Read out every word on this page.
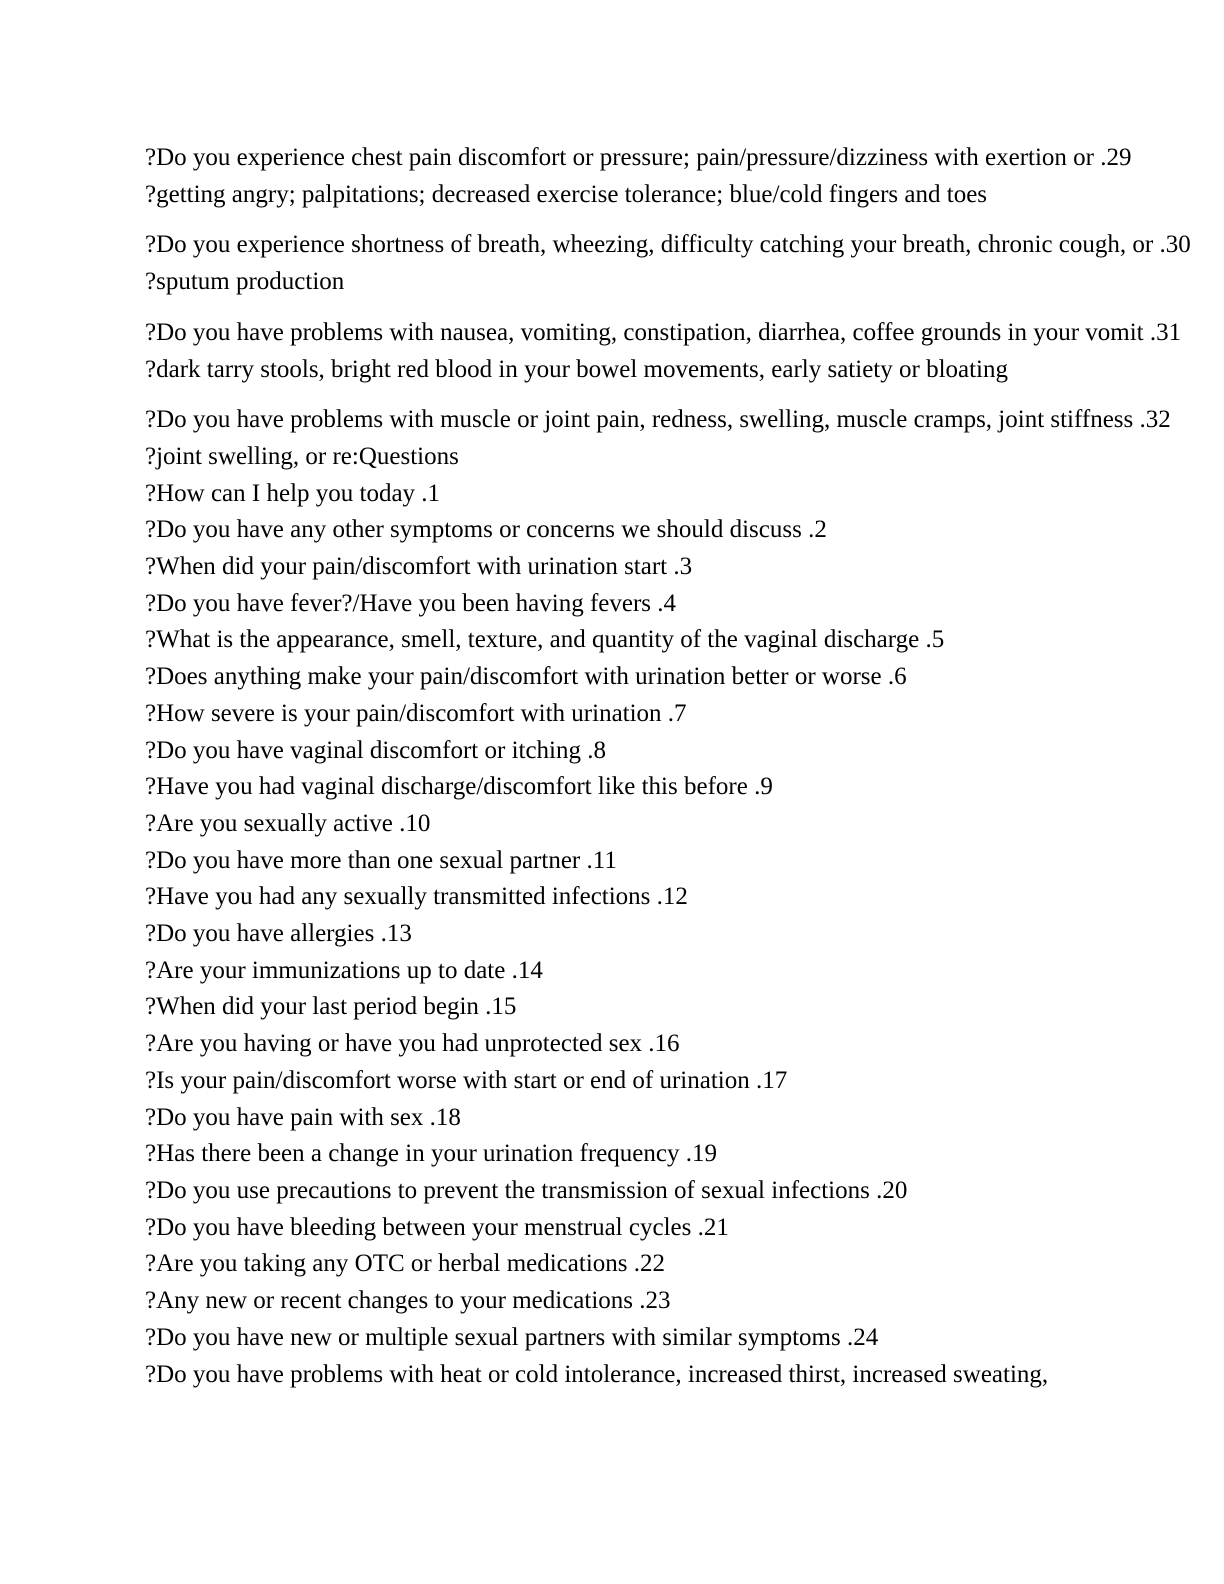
?Do you experience chest pain discomfort or pressure; pain/pressure/dizziness with exertion or .29
?getting angry; palpitations; decreased exercise tolerance; blue/cold fingers and toes
?Do you experience shortness of breath, wheezing, difficulty catching your breath, chronic cough, or .30
?sputum production
?Do you have problems with nausea, vomiting, constipation, diarrhea, coffee grounds in your vomit .31
?dark tarry stools, bright red blood in your bowel movements, early satiety or bloating
?Do you have problems with muscle or joint pain, redness, swelling, muscle cramps, joint stiffness .32
?joint swelling, or re:Questions
?How can I help you today .1
?Do you have any other symptoms or concerns we should discuss .2
?When did your pain/discomfort with urination start .3
?Do you have fever?/Have you been having fevers .4
?What is the appearance, smell, texture, and quantity of the vaginal discharge .5
?Does anything make your pain/discomfort with urination better or worse .6
?How severe is your pain/discomfort with urination .7
?Do you have vaginal discomfort or itching .8
?Have you had vaginal discharge/discomfort like this before .9
?Are you sexually active .10
?Do you have more than one sexual partner .11
?Have you had any sexually transmitted infections .12
?Do you have allergies .13
?Are your immunizations up to date .14
?When did your last period begin .15
?Are you having or have you had unprotected sex .16
?Is your pain/discomfort worse with start or end of urination .17
?Do you have pain with sex .18
?Has there been a change in your urination frequency .19
?Do you use precautions to prevent the transmission of sexual infections .20
?Do you have bleeding between your menstrual cycles .21
?Are you taking any OTC or herbal medications .22
?Any new or recent changes to your medications .23
?Do you have new or multiple sexual partners with similar symptoms .24
?Do you have problems with heat or cold intolerance, increased thirst, increased sweating,
